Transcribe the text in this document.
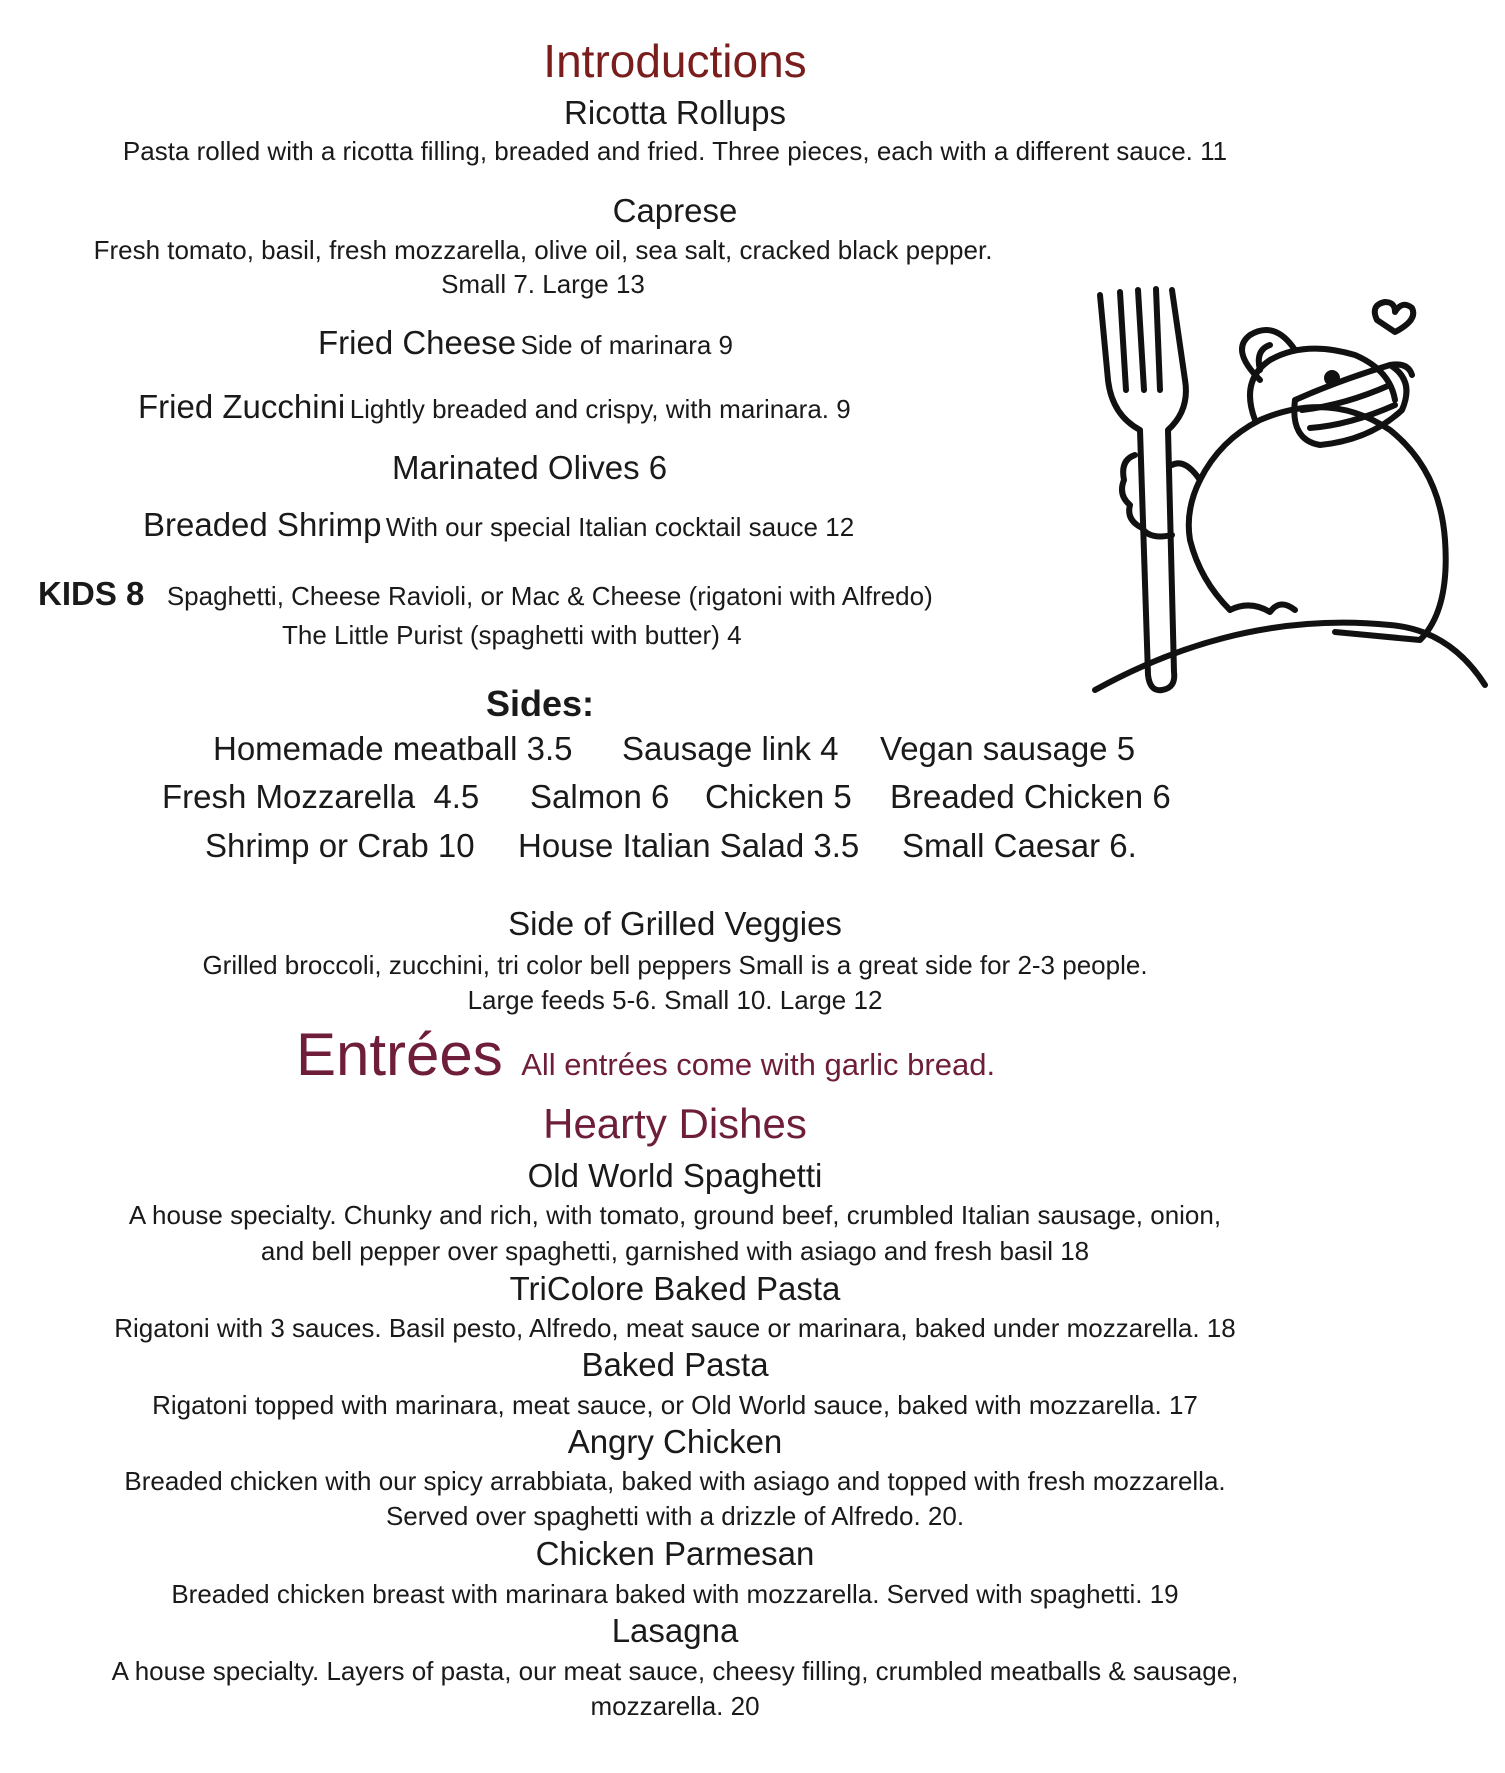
Introductions
Ricotta Rollups
Pasta rolled with a ricotta filling, breaded and fried. Three pieces, each with a different sauce. 11
Caprese
Fresh tomato, basil, fresh mozzarella, olive oil, sea salt, cracked black pepper.
Small 7. Large 13
Fried Cheese Side of marinara 9
Fried Zucchini Lightly breaded and crispy, with marinara. 9
Marinated Olives 6
Breaded Shrimp With our special Italian cocktail sauce 12
KIDS 8 Spaghetti, Cheese Ravioli, or Mac & Cheese (rigatoni with Alfredo)
The Little Purist (spaghetti with butter) 4
Sides:
Homemade meatball 3.5 Sausage link 4 Vegan sausage 5
Fresh Mozzarella  4.5 Salmon 6 Chicken 5 Breaded Chicken 6
Shrimp or Crab 10 House Italian Salad 3.5 Small Caesar 6.
Side of Grilled Veggies
Grilled broccoli, zucchini, tri color bell peppers Small is a great side for 2-3 people.
Large feeds 5-6. Small 10. Large 12
Entrées All entrées come with garlic bread.
Hearty Dishes
Old World Spaghetti
A house specialty. Chunky and rich, with tomato, ground beef, crumbled Italian sausage, onion,
and bell pepper over spaghetti, garnished with asiago and fresh basil 18
TriColore Baked Pasta
Rigatoni with 3 sauces. Basil pesto, Alfredo, meat sauce or marinara, baked under mozzarella. 18
Baked Pasta
Rigatoni topped with marinara, meat sauce, or Old World sauce, baked with mozzarella. 17
Angry Chicken
Breaded chicken with our spicy arrabbiata, baked with asiago and topped with fresh mozzarella.
Served over spaghetti with a drizzle of Alfredo. 20.
Chicken Parmesan
Breaded chicken breast with marinara baked with mozzarella. Served with spaghetti. 19
Lasagna
A house specialty. Layers of pasta, our meat sauce, cheesy filling, crumbled meatballs & sausage,
mozzarella. 20
